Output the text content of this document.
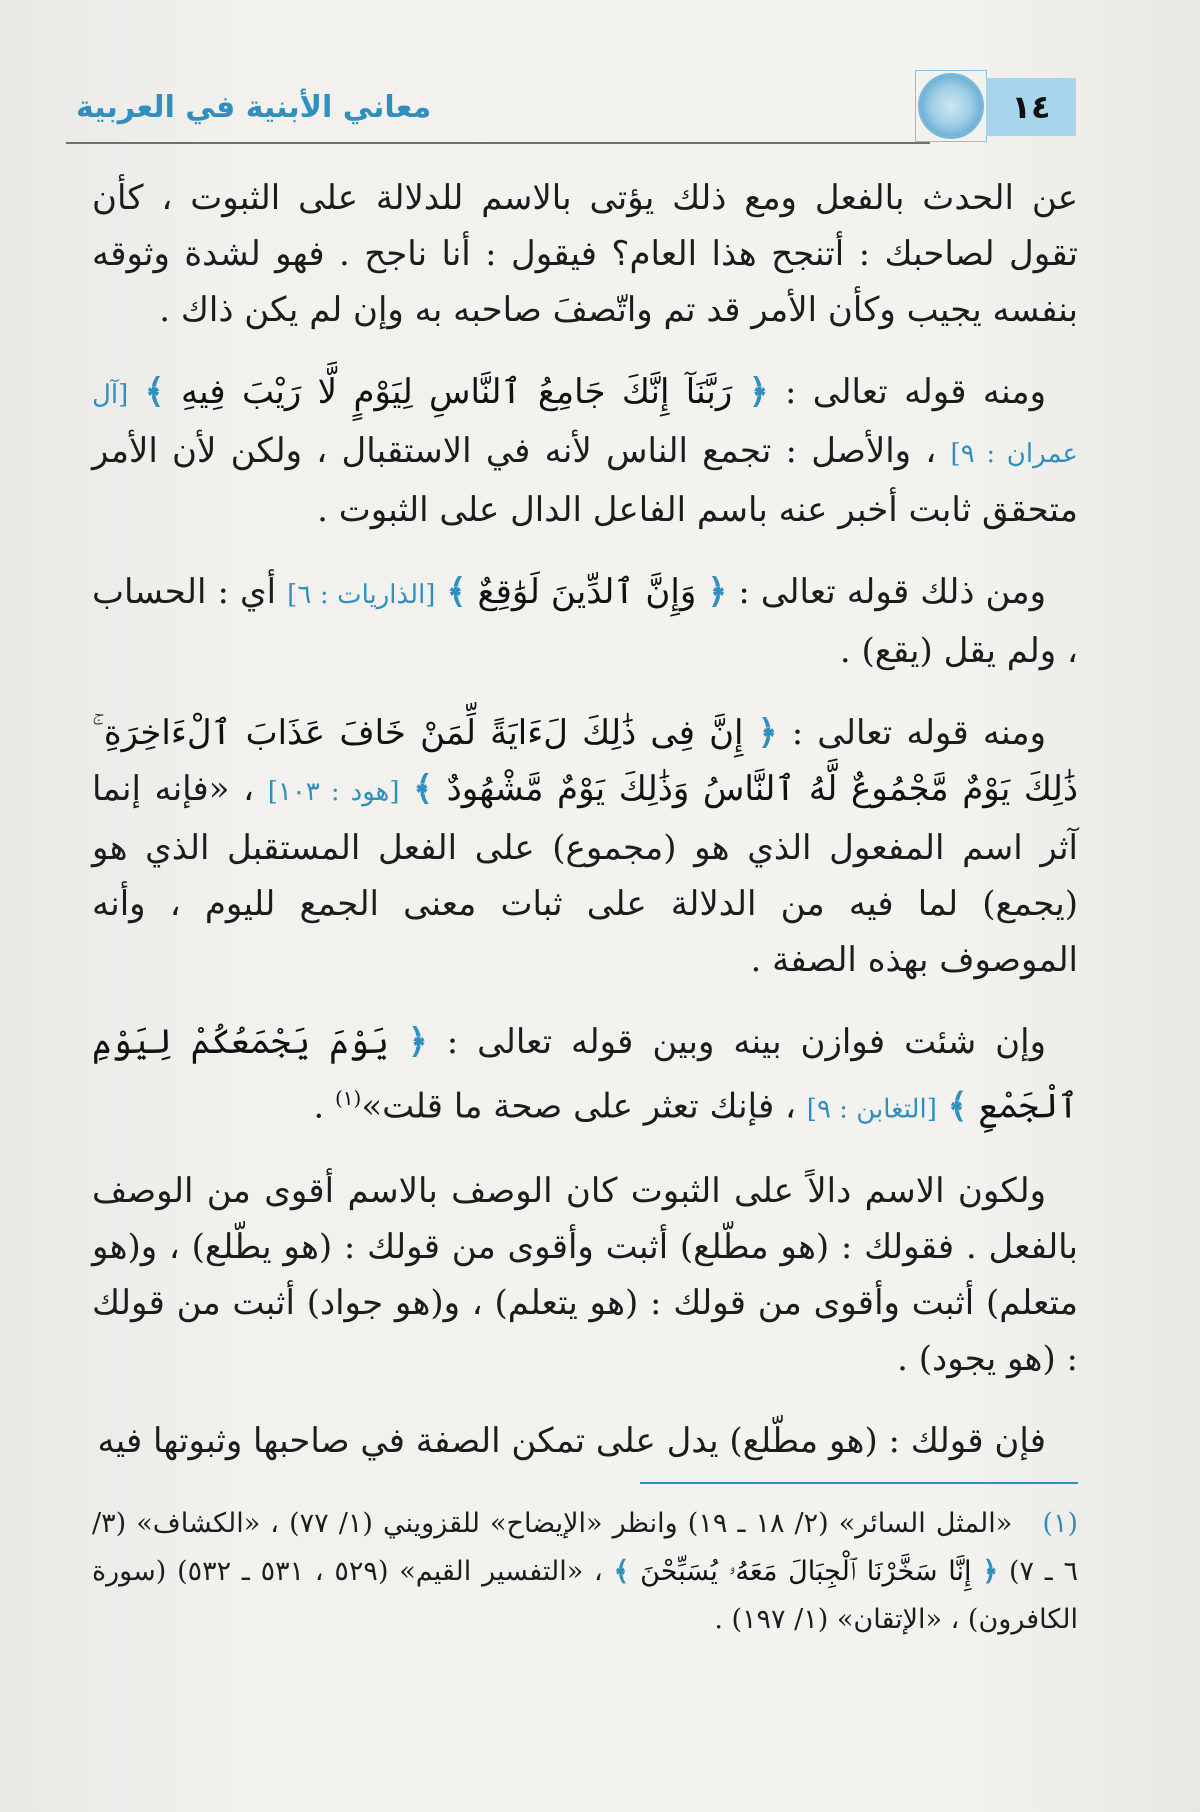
معاني الأبنية في العربية	١٤

عن الحدث بالفعل ومع ذلك يؤتى بالاسم للدلالة على الثبوت ، كأن تقول لصاحبك : أتنجح هذا العام؟ فيقول : أنا ناجح . فهو لشدة وثوقه بنفسه يجيب وكأن الأمر قد تم واتّصفَ صاحبه به وإن لم يكن ذاك .

ومنه قوله تعالى : ﴿ رَبَّنَآ إِنَّكَ جَامِعُ ٱلنَّاسِ لِيَوْمٍ لَّا رَيْبَ فِيهِ ﴾ [آل عمران : ٩] ، والأصل : تجمع الناس لأنه في الاستقبال ، ولكن لأن الأمر متحقق ثابت أخبر عنه باسم الفاعل الدال على الثبوت .

ومن ذلك قوله تعالى : ﴿ وَإِنَّ ٱلدِّينَ لَوَٰقِعٌ ﴾ [الذاريات : ٦] أي : الحساب ، ولم يقل (يقع) .

ومنه قوله تعالى : ﴿ إِنَّ فِى ذَٰلِكَ لَءَايَةً لِّمَنْ خَافَ عَذَابَ ٱلْءَاخِرَةِ ۚ ذَٰلِكَ يَوْمٌ مَّجْمُوعٌ لَّهُ ٱلنَّاسُ وَذَٰلِكَ يَوْمٌ مَّشْهُودٌ ﴾ [هود : ١٠٣] ، «فإنه إنما آثر اسم المفعول الذي هو (مجموع) على الفعل المستقبل الذي هو (يجمع) لما فيه من الدلالة على ثبات معنى الجمع لليوم ، وأنه الموصوف بهذه الصفة .

وإن شئت فوازن بينه وبين قوله تعالى : ﴿ يَوْمَ يَجْمَعُكُمْ لِيَوْمِ ٱلْجَمْعِ ﴾ [التغابن : ٩] ، فإنك تعثر على صحة ما قلت»$^{(١)}$ .

ولكون الاسم دالاً على الثبوت كان الوصف بالاسم أقوى من الوصف بالفعل . فقولك : (هو مطّلع) أثبت وأقوى من قولك : (هو يطّلع) ، و(هو متعلم) أثبت وأقوى من قولك : (هو يتعلم) ، و(هو جواد) أثبت من قولك : (هو يجود) .

فإن قولك : (هو مطّلع) يدل على تمكن الصفة في صاحبها وثبوتها فيه

(١) «المثل السائر» (٢/ ١٨ ـ ١٩) وانظر «الإيضاح» للقزويني (١/ ٧٧) ، «الكشاف» (٣/ ٦ ـ ٧) ﴿ إِنَّا سَخَّرْنَا ٱلْجِبَالَ مَعَهُۥ يُسَبِّحْنَ ﴾ ، «التفسير القيم» (٥٢٩ ، ٥٣١ ـ ٥٣٢) (سورة الكافرون) ، «الإتقان» (١/ ١٩٧) .
